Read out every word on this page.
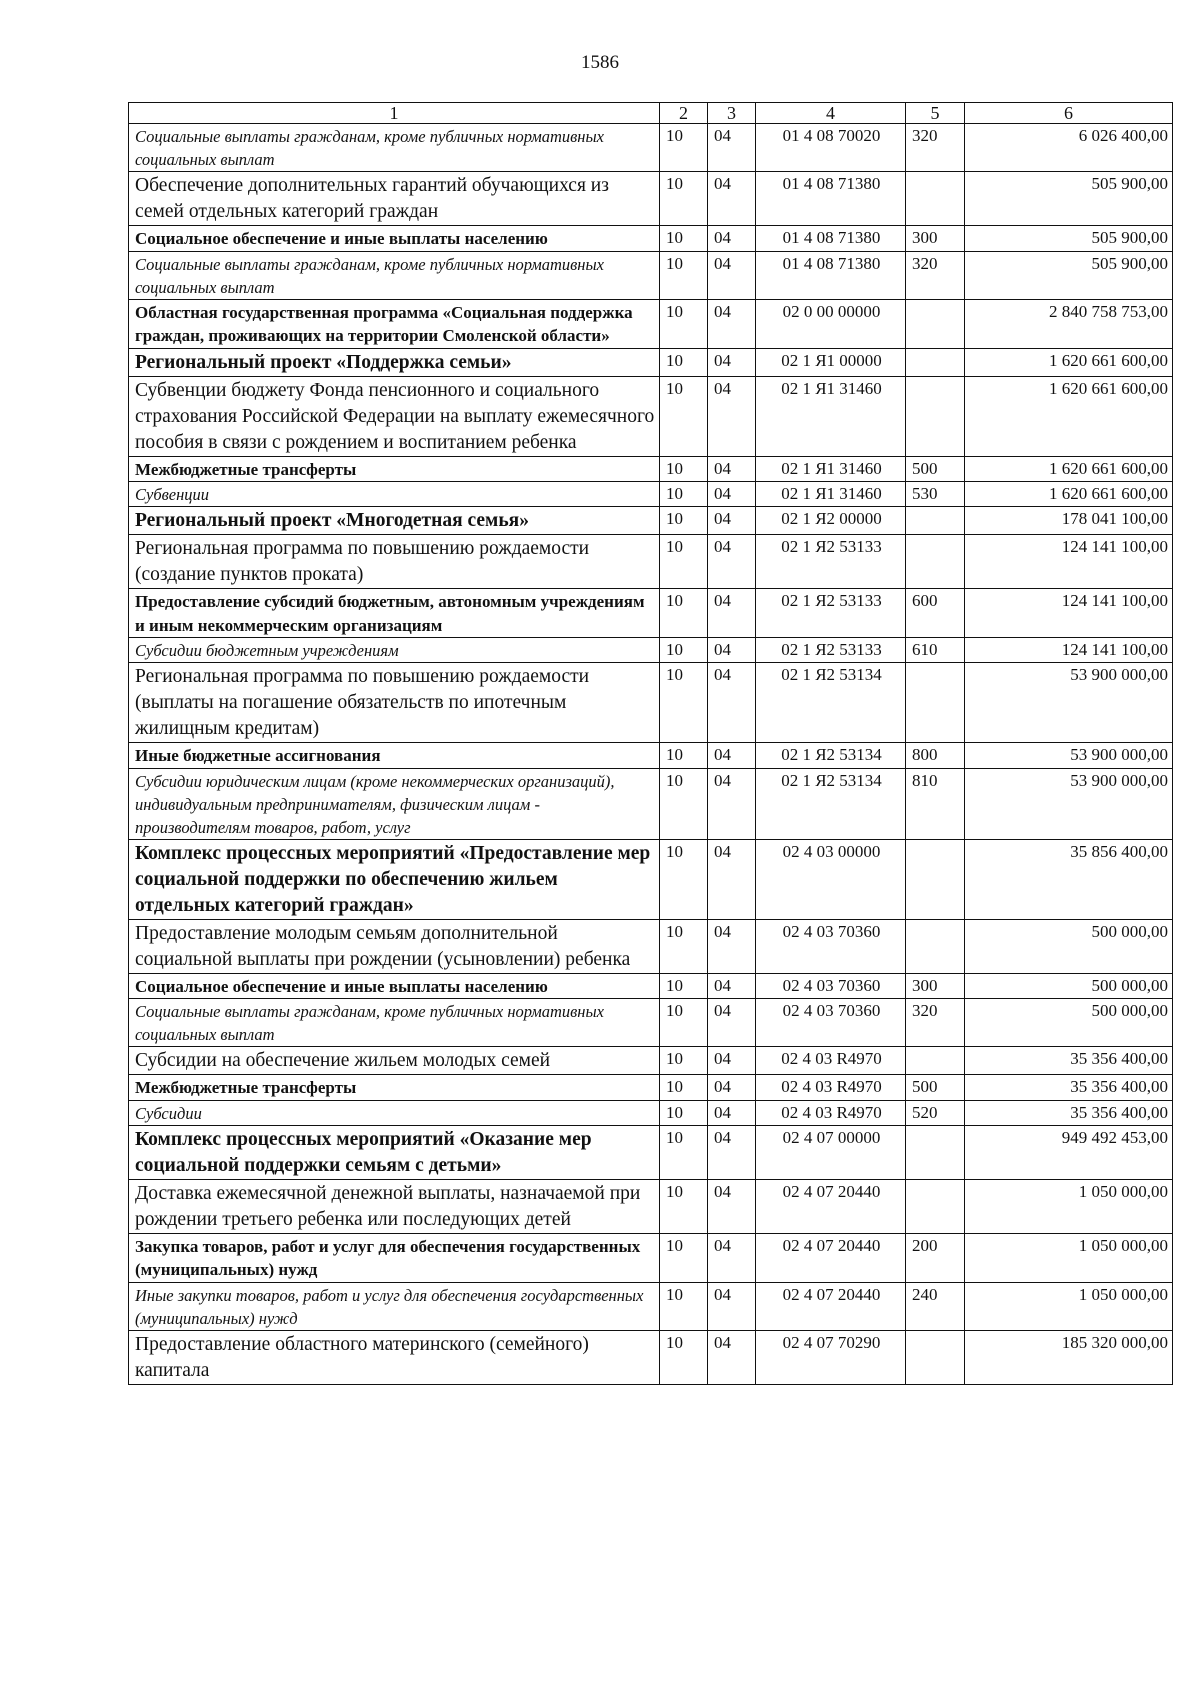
1586
1	2	3	4	5	6
Социальные выплаты гражданам, кроме публичных нормативных социальных выплат	10	04	01 4 08 70020	320	6 026 400,00
Обеспечение дополнительных гарантий обучающихся из семей отдельных категорий граждан	10	04	01 4 08 71380		505 900,00
Социальное обеспечение и иные выплаты населению	10	04	01 4 08 71380	300	505 900,00
Социальные выплаты гражданам, кроме публичных нормативных социальных выплат	10	04	01 4 08 71380	320	505 900,00
Областная государственная программа «Социальная поддержка граждан, проживающих на территории Смоленской области»	10	04	02 0 00 00000		2 840 758 753,00
Региональный проект «Поддержка семьи»	10	04	02 1 Я1 00000		1 620 661 600,00
Субвенции бюджету Фонда пенсионного и социального страхования Российской Федерации на выплату ежемесячного пособия в связи с рождением и воспитанием ребенка	10	04	02 1 Я1 31460		1 620 661 600,00
Межбюджетные трансферты	10	04	02 1 Я1 31460	500	1 620 661 600,00
Субвенции	10	04	02 1 Я1 31460	530	1 620 661 600,00
Региональный проект «Многодетная семья»	10	04	02 1 Я2 00000		178 041 100,00
Региональная программа по повышению рождаемости (создание пунктов проката)	10	04	02 1 Я2 53133		124 141 100,00
Предоставление субсидий бюджетным, автономным учреждениям и иным некоммерческим организациям	10	04	02 1 Я2 53133	600	124 141 100,00
Субсидии бюджетным учреждениям	10	04	02 1 Я2 53133	610	124 141 100,00
Региональная программа по повышению рождаемости (выплаты на погашение обязательств по ипотечным жилищным кредитам)	10	04	02 1 Я2 53134		53 900 000,00
Иные бюджетные ассигнования	10	04	02 1 Я2 53134	800	53 900 000,00
Субсидии юридическим лицам (кроме некоммерческих организаций), индивидуальным предпринимателям, физическим лицам - производителям товаров, работ, услуг	10	04	02 1 Я2 53134	810	53 900 000,00
Комплекс процессных мероприятий «Предоставление мер социальной поддержки по обеспечению жильем отдельных категорий граждан»	10	04	02 4 03 00000		35 856 400,00
Предоставление молодым семьям дополнительной социальной выплаты при рождении (усыновлении) ребенка	10	04	02 4 03 70360		500 000,00
Социальное обеспечение и иные выплаты населению	10	04	02 4 03 70360	300	500 000,00
Социальные выплаты гражданам, кроме публичных нормативных социальных выплат	10	04	02 4 03 70360	320	500 000,00
Субсидии на обеспечение жильем молодых семей	10	04	02 4 03 R4970		35 356 400,00
Межбюджетные трансферты	10	04	02 4 03 R4970	500	35 356 400,00
Субсидии	10	04	02 4 03 R4970	520	35 356 400,00
Комплекс процессных мероприятий «Оказание мер социальной поддержки семьям с детьми»	10	04	02 4 07 00000		949 492 453,00
Доставка ежемесячной денежной выплаты, назначаемой при рождении третьего ребенка или последующих детей	10	04	02 4 07 20440		1 050 000,00
Закупка товаров, работ и услуг для обеспечения государственных (муниципальных) нужд	10	04	02 4 07 20440	200	1 050 000,00
Иные закупки товаров, работ и услуг для обеспечения государственных (муниципальных) нужд	10	04	02 4 07 20440	240	1 050 000,00
Предоставление областного материнского (семейного) капитала	10	04	02 4 07 70290		185 320 000,00
